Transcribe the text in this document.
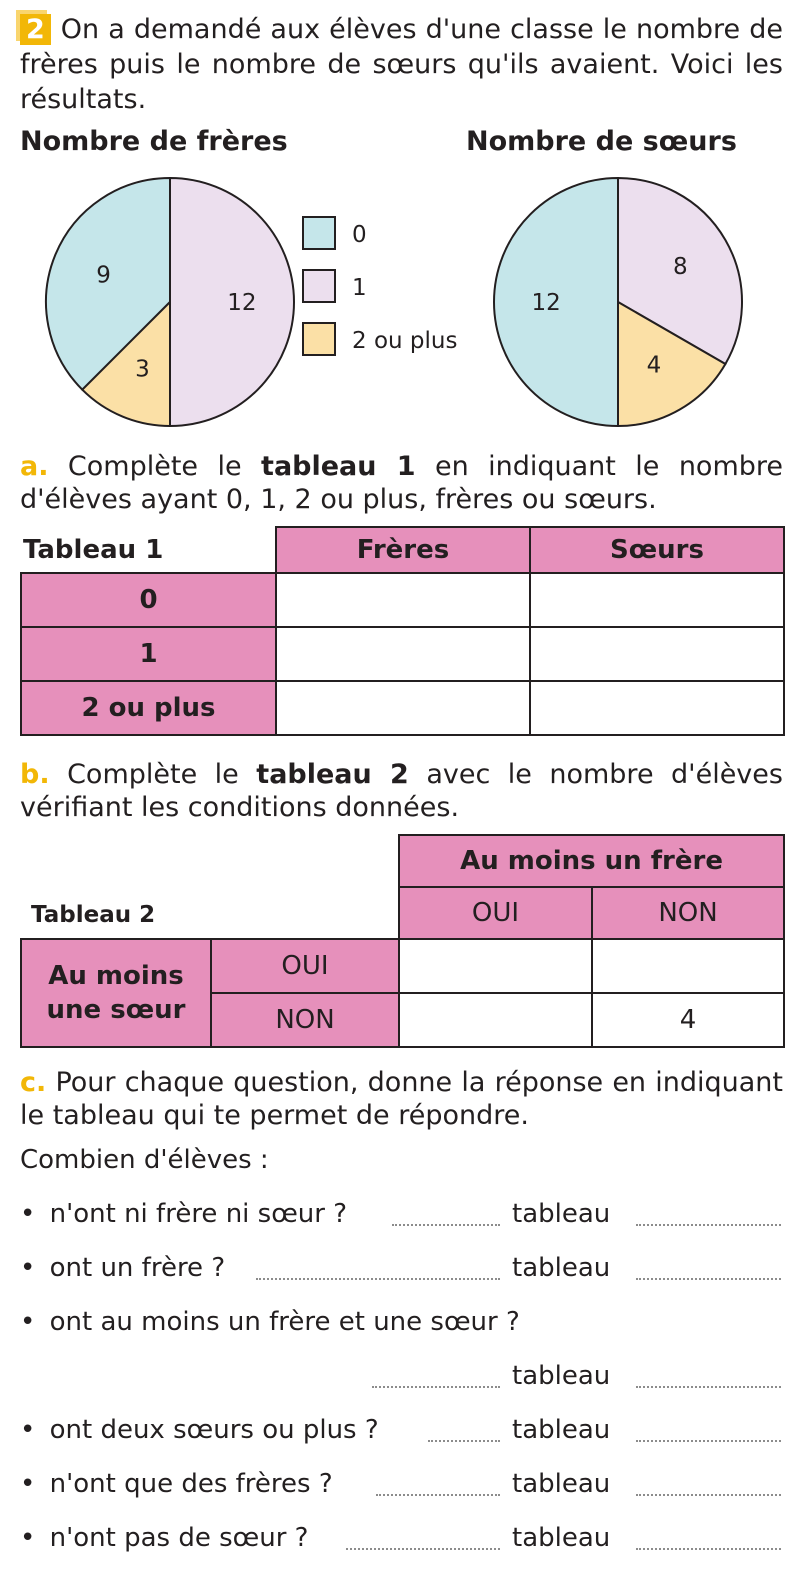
2 On a demandé aux élèves d'une classe le nombre de frères puis le nombre de sœurs qu'ils avaient. Voici les résultats.
Nombre de frères	Nombre de sœurs
9
12
3
12
8
4
0
1
2 ou plus
a. Complète le tableau 1 en indiquant le nombre d'élèves ayant 0, 1, 2 ou plus, frères ou sœurs.
Tableau 1	Frères	Sœurs
0		
1		
2 ou plus		
b. Complète le tableau 2 avec le nombre d'élèves vérifiant les conditions données.
Tableau 2		Au moins un frère	
		OUI	NON
Au moins une sœur	OUI		
	NON		4
c. Pour chaque question, donne la réponse en indiquant le tableau qui te permet de répondre.
Combien d'élèves :
• n'ont ni frère ni sœur ?	tableau
• ont un frère ?	tableau
• ont au moins un frère et une sœur ?
tableau
• ont deux sœurs ou plus ?	tableau
• n'ont que des frères ?	tableau
• n'ont pas de sœur ?	tableau
